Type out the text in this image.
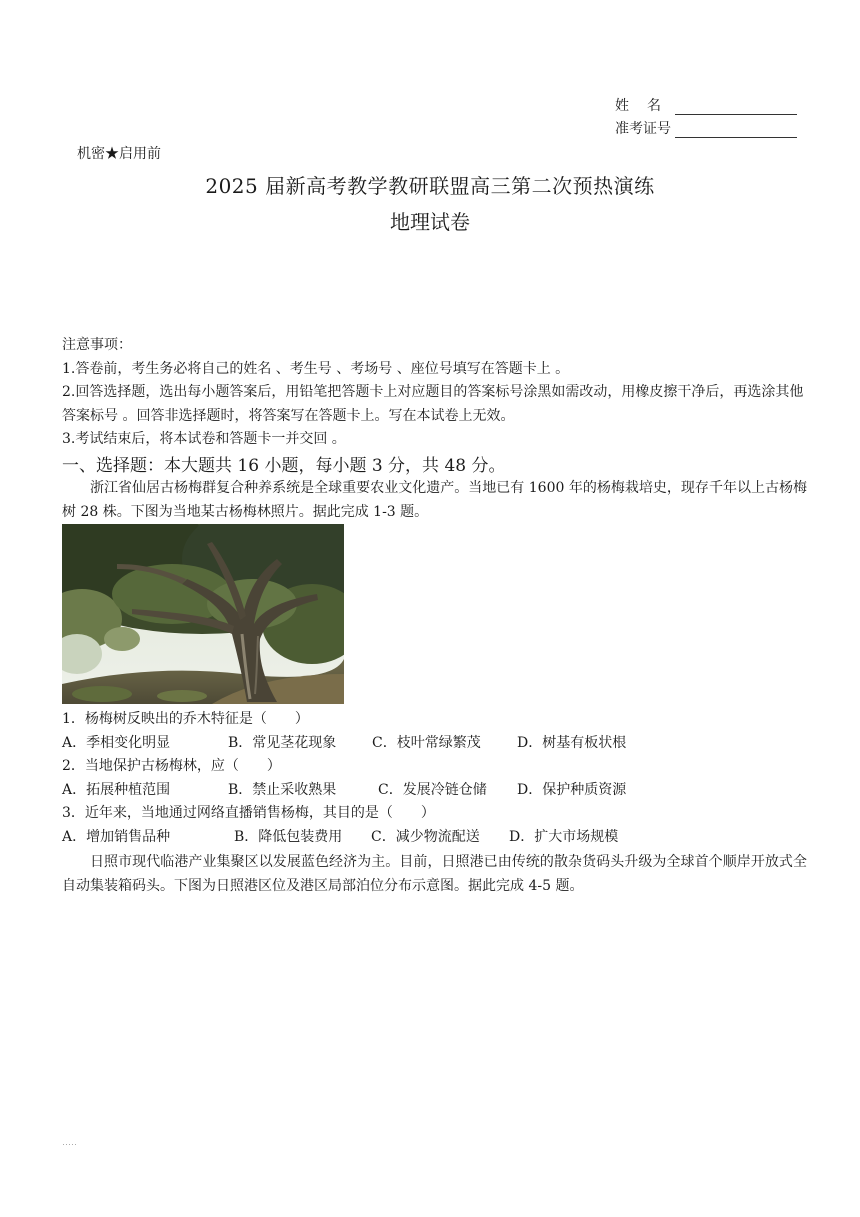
姓　名
准考证号
机密★启用前
2025 届新高考教学教研联盟高三第二次预热演练
地理试卷

注意事项：

1.答卷前，考生务必将自己的姓名 、考生号 、考场号 、座位号填写在答题卡上 。

2.回答选择题，选出每小题答案后，用铅笔把答题卡上对应题目的答案标号涂黑如需改动，用橡皮擦干净后，再选涂其他答案标号 。回答非选择题时，将答案写在答题卡上。写在本试卷上无效。

3.考试结束后，将本试卷和答题卡一并交回 。

一、选择题：本大题共 16 小题，每小题 3 分，共 48 分。
浙江省仙居古杨梅群复合种养系统是全球重要农业文化遗产。当地已有 1600 年的杨梅栽培史，现存千年以上古杨梅树 28 株。下图为当地某古杨梅林照片。据此完成 1-3 题。
1．杨梅树反映出的乔木特征是（　　）
A．季相变化明显	B．常见茎花现象	C．枝叶常绿繁茂	D．树基有板状根
2．当地保护古杨梅林，应（　　）
A．拓展种植范围	B．禁止采收熟果	C．发展冷链仓储	D．保护种质资源
3．近年来，当地通过网络直播销售杨梅，其目的是（　　）
A．增加销售品种	B．降低包装费用	C．减少物流配送	D．扩大市场规模
日照市现代临港产业集聚区以发展蓝色经济为主。目前，日照港已由传统的散杂货码头升级为全球首个顺岸开放式全自动集装箱码头。下图为日照港区位及港区局部泊位分布示意图。据此完成 4-5 题。
